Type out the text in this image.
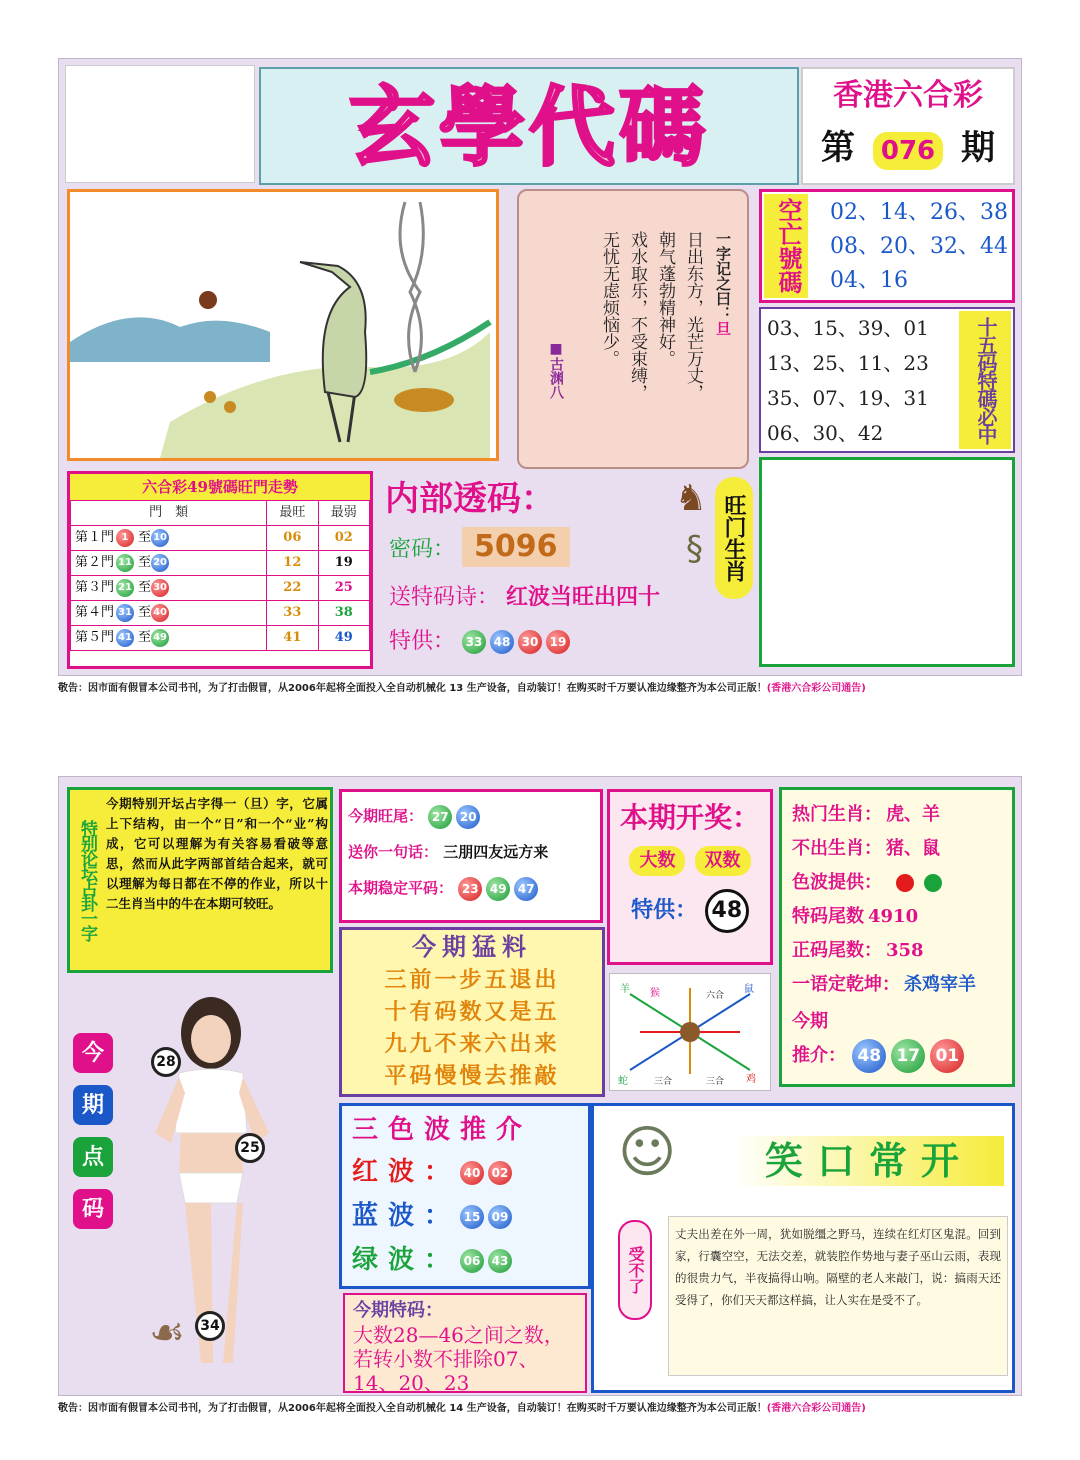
玄學代碼	香港六合彩
第 076 期
一字记之曰：旦
日出东方，光芒万丈，
朝气蓬勃精神好。
戏水取乐，不受束缚，
无忧无虑烦恼少。
■古渊八
空亡號碼 02、14、26、38
08、20、32、44
04、16
03、15、39、01
13、25、11、23
35、07、19、31
06、30、42	十五码特碼必中
六合彩49號碼旺門走勢
門　類	最旺	最弱
第１門 1 至 10	06	02
第２門 11 至 20	12	19
第３門 21 至 30	22	25
第４門 31 至 40	33	38
第５門 41 至 49	41	49
内部透码：
密码： 5096
送特码诗： 红波当旺出四十
特供： 33 48 30 19
旺门生肖
♞
§
敬告：因市面有假冒本公司书刊，为了打击假冒，从2006年起将全面投入全自动机械化 13 生产设备，自动装订！在购买时千万要认准边缘整齐为本公司正版！(香港六合彩公司通告)
特别论坛占卦一字
今期特别开坛占字得一（旦）字，它属上下结构，由一个“日”和一个“业”构成，它可以理解为有关容易看破等意思，然而从此字两部首结合起来，就可以理解为每日都在不停的作业，所以十二生肖当中的牛在本期可较旺。
今期旺尾： 27 20
送你一句话： 三朋四友远方来
本期稳定平码： 23 49 47
本期开奖：
大数 双数
特供： 48
热门生肖： 虎、羊
不出生肖： 猪、鼠
色波提供：
特码尾数 4910
正码尾数： 358
一语定乾坤： 杀鸡宰羊
今期
推介： 48 17 01
今期猛料
三前一步五退出
十有码数又是五
九九不来六出来
平码慢慢去推敲
羊 猴	六合
鼠
蛇	三合	三合 鸡
今
期
点
码
28
25
34
☙
三色波推介
红波： 40 02
蓝波： 15 09
绿波： 06 43
今期特码：
大数28—46之间之数，若转小数不排除07、14、20、23
☺	笑口常开
受不了
丈夫出差在外一周，犹如脱缰之野马，连续在红灯区鬼混。回到家，行囊空空，无法交差，就装腔作势地与妻子巫山云雨，表现的很贵力气，半夜搞得山响。隔壁的老人来敲门，说：搞雨天还受得了，你们天天都这样搞，让人实在是受不了。
敬告：因市面有假冒本公司书刊，为了打击假冒，从2006年起将全面投入全自动机械化 14 生产设备，自动装订！在购买时千万要认准边缘整齐为本公司正版！(香港六合彩公司通告)
